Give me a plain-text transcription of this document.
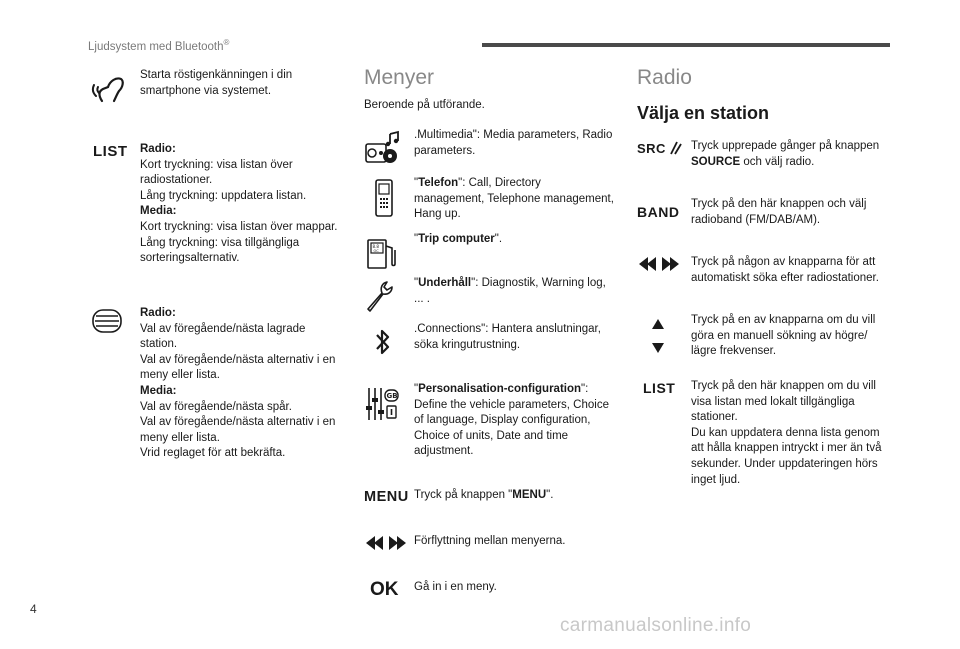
Ljudsystem med Bluetooth®
Starta röstigenkänningen i din smartphone via systemet.
LIST	Radio:
Kort tryckning: visa listan över radiostationer.
Lång tryckning: uppdatera listan.
Media:
Kort tryckning: visa listan över mappar.
Lång tryckning: visa tillgängliga sorteringsalternativ.
Radio:
Val av föregående/nästa lagrade station.
Val av föregående/nästa alternativ i en meny eller lista.
Media:
Val av föregående/nästa spår.
Val av föregående/nästa alternativ i en meny eller lista.
Vrid reglaget för att bekräfta.
Menyer
Beroende på utförande.
.Multimedia": Media parameters, Radio parameters.
"Telefon": Call, Directory management, Telephone management, Hang up.
8.8
OC
"Trip computer".
"Underhåll": Diagnostik, Warning log, ... .
.Connections": Hantera anslutningar, söka kringutrustning.
GB
"Personalisation-configuration": Define the vehicle parameters, Choice of language, Display configuration, Choice of units, Date and time adjustment.
MENU Tryck på knappen "MENU".
Förflyttning mellan menyerna.
OK	Gå in i en meny.
Radio
Välja en station
SRC Tryck upprepade gånger på knappen SOURCE och välj radio.
BAND	Tryck på den här knappen och välj radioband (FM/DAB/AM).
Tryck på någon av knapparna för att automatiskt söka efter radiostationer.
Tryck på en av knapparna om du vill göra en manuell sökning av högre/ lägre frekvenser.
LIST	Tryck på den här knappen om du vill visa listan med lokalt tillgängliga stationer.
Du kan uppdatera denna lista genom att hålla knappen intryckt i mer än två sekunder. Under uppdateringen hörs inget ljud.
4
carmanualsonline.info
